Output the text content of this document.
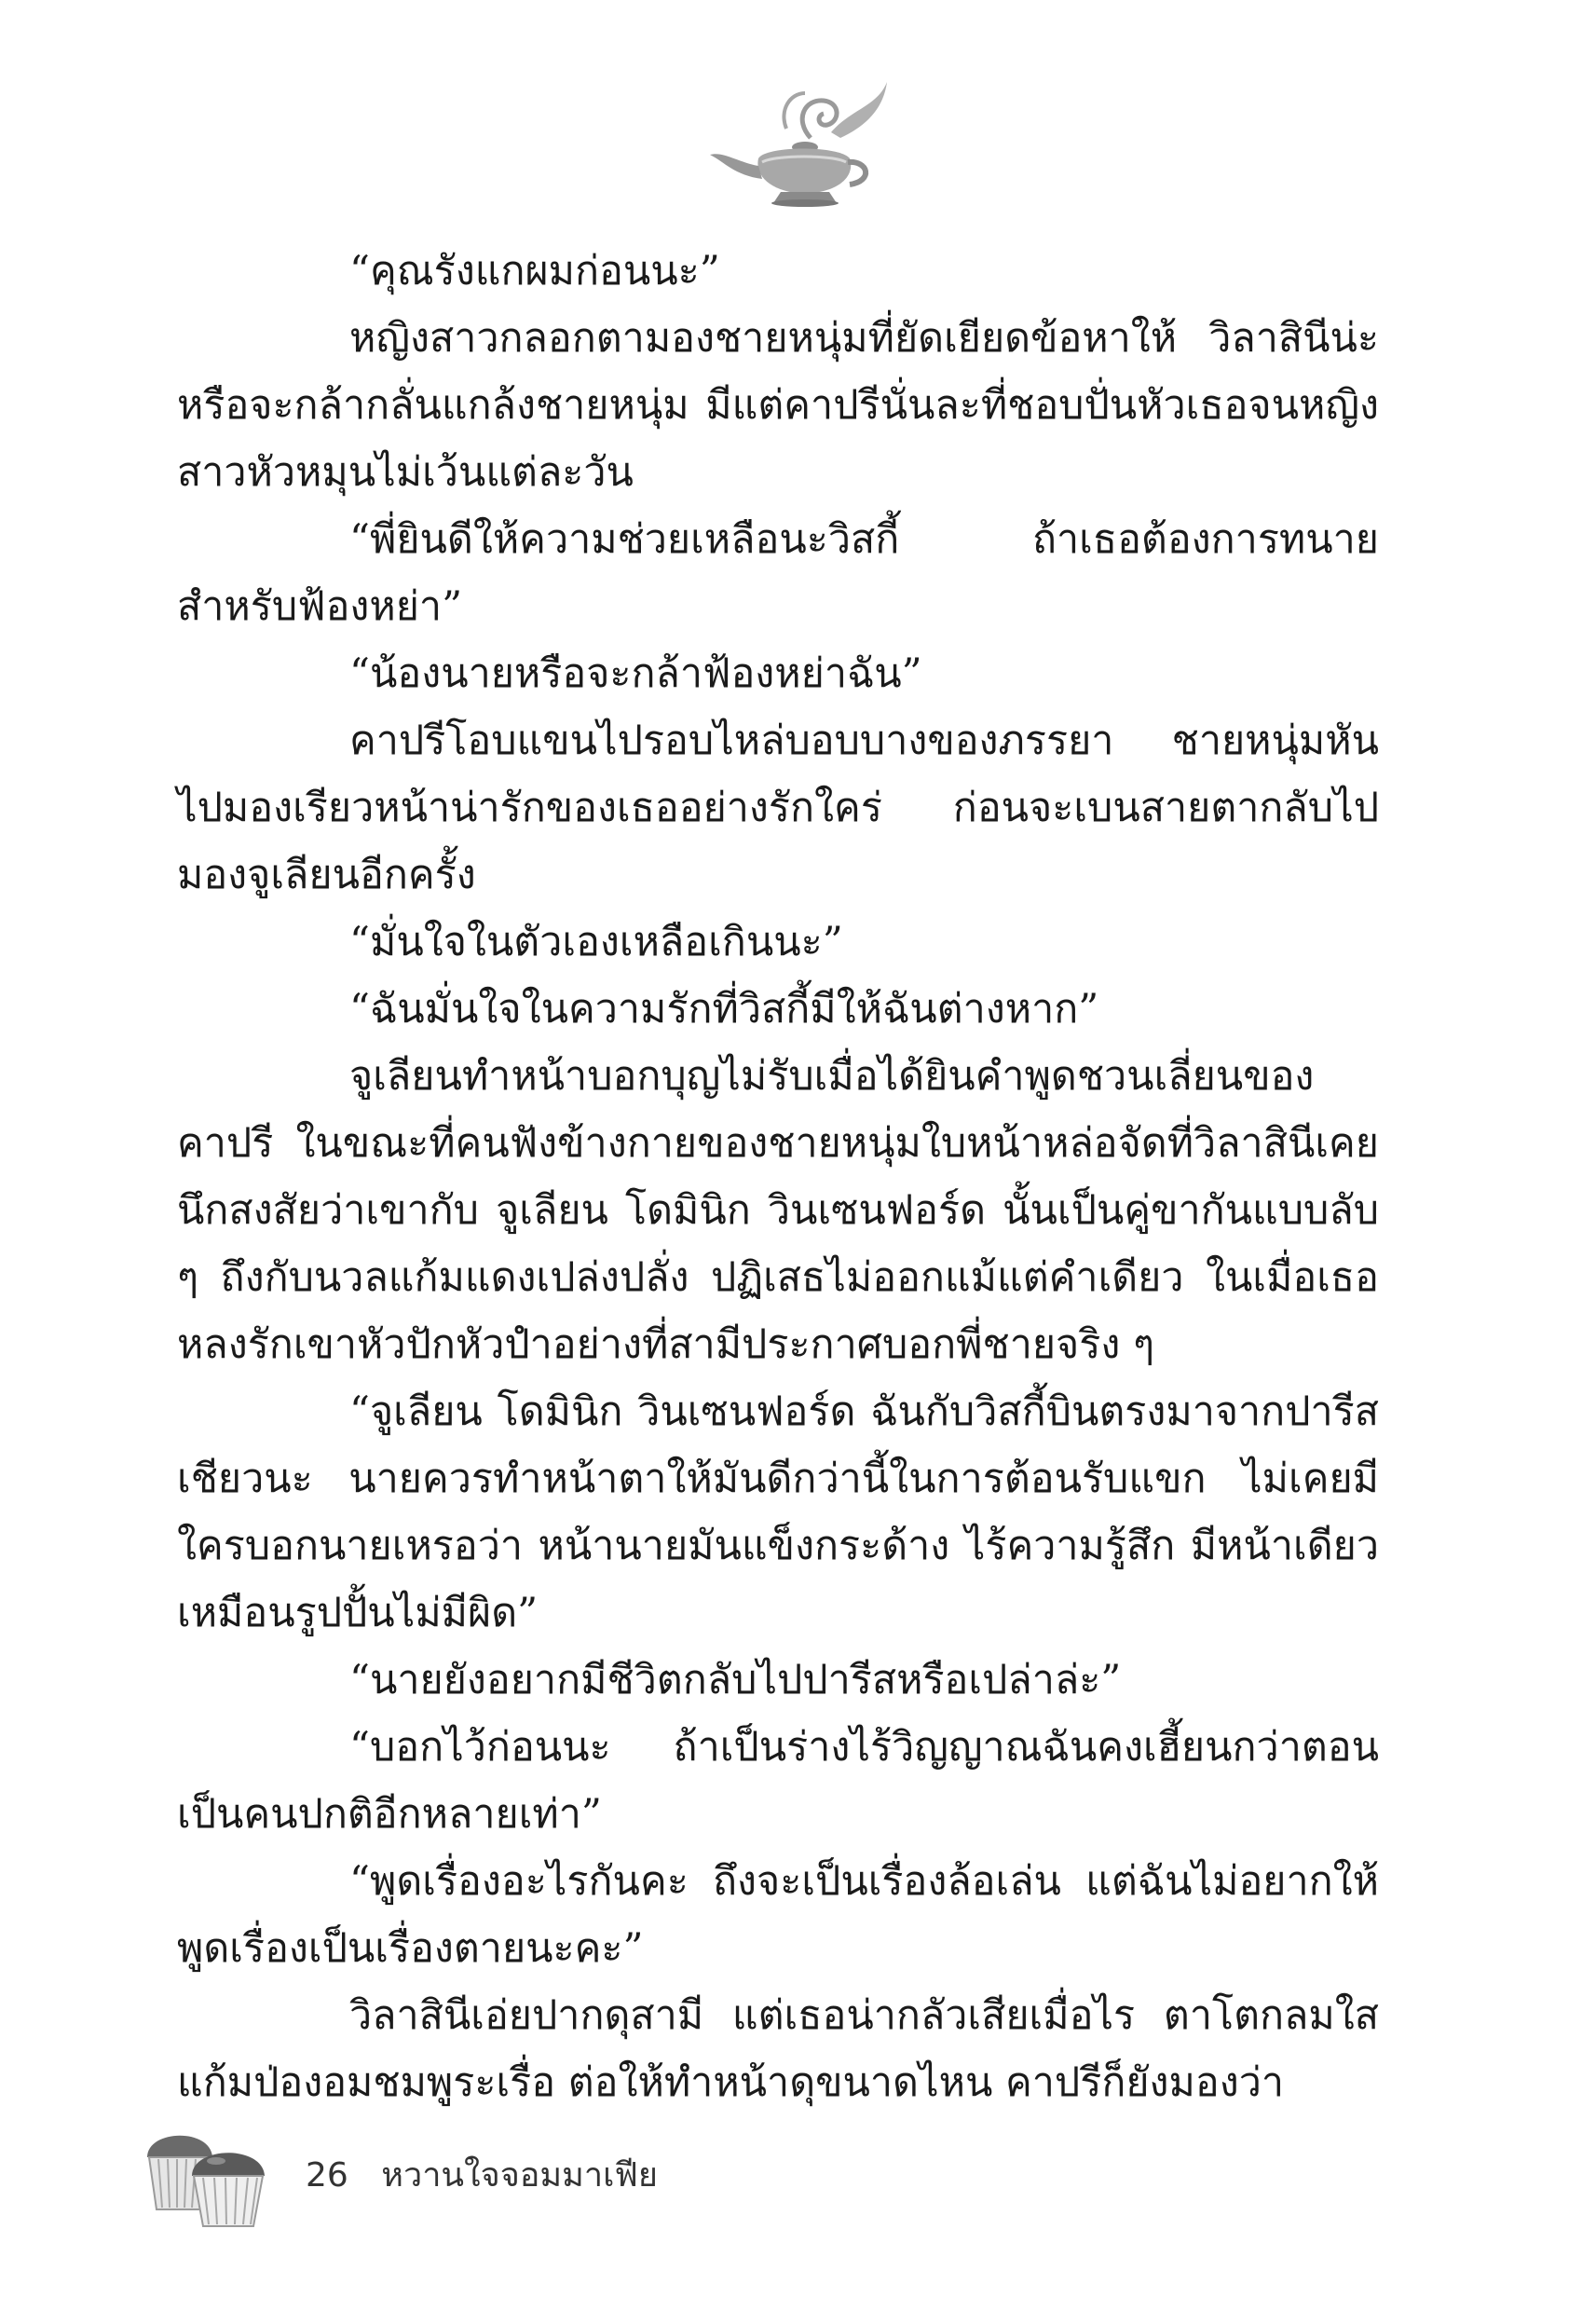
“คุณรังแกผมก่อนนะ”

หญิงสาวกลอกตามองชายหนุ่มที่ยัดเยียดข้อหาให้ วิลาสินีน่ะหรือจะกล้ากลั่นแกล้งชายหนุ่ม มีแต่คาปรีนั่นละที่ชอบปั่นหัวเธอจนหญิงสาวหัวหมุนไม่เว้นแต่ละวัน

“พี่ยินดีให้ความช่วยเหลือนะวิสกี้ ถ้าเธอต้องการทนายสำหรับฟ้องหย่า”

“น้องนายหรือจะกล้าฟ้องหย่าฉัน”

คาปรีโอบแขนไปรอบไหล่บอบบางของภรรยา ชายหนุ่มหันไปมองเรียวหน้าน่ารักของเธออย่างรักใคร่ ก่อนจะเบนสายตากลับไปมองจูเลียนอีกครั้ง

“มั่นใจในตัวเองเหลือเกินนะ”

“ฉันมั่นใจในความรักที่วิสกี้มีให้ฉันต่างหาก”

จูเลียนทำหน้าบอกบุญไม่รับเมื่อได้ยินคำพูดชวนเลี่ยนของคาปรี ในขณะที่คนฟังข้างกายของชายหนุ่มใบหน้าหล่อจัดที่วิลาสินีเคยนึกสงสัยว่าเขากับ จูเลียน โดมินิก วินเซนฟอร์ด นั้นเป็นคู่ขากันแบบลับ ๆ ถึงกับนวลแก้มแดงเปล่งปลั่ง ปฏิเสธไม่ออกแม้แต่คำเดียว ในเมื่อเธอหลงรักเขาหัวปักหัวปำอย่างที่สามีประกาศบอกพี่ชายจริง ๆ

“จูเลียน โดมินิก วินเซนฟอร์ด ฉันกับวิสกี้บินตรงมาจากปารีสเชียวนะ นายควรทำหน้าตาให้มันดีกว่านี้ในการต้อนรับแขก ไม่เคยมีใครบอกนายเหรอว่า หน้านายมันแข็งกระด้าง ไร้ความรู้สึก มีหน้าเดียวเหมือนรูปปั้นไม่มีผิด”

“นายยังอยากมีชีวิตกลับไปปารีสหรือเปล่าล่ะ”

“บอกไว้ก่อนนะ ถ้าเป็นร่างไร้วิญญาณฉันคงเฮี้ยนกว่าตอนเป็นคนปกติอีกหลายเท่า”

“พูดเรื่องอะไรกันคะ ถึงจะเป็นเรื่องล้อเล่น แต่ฉันไม่อยากให้พูดเรื่องเป็นเรื่องตายนะคะ”

วิลาสินีเอ่ยปากดุสามี แต่เธอน่ากลัวเสียเมื่อไร ตาโตกลมใสแก้มป่องอมชมพูระเรื่อ ต่อให้ทำหน้าดุขนาดไหน คาปรีก็ยังมองว่า

26 หวานใจจอมมาเฟีย
